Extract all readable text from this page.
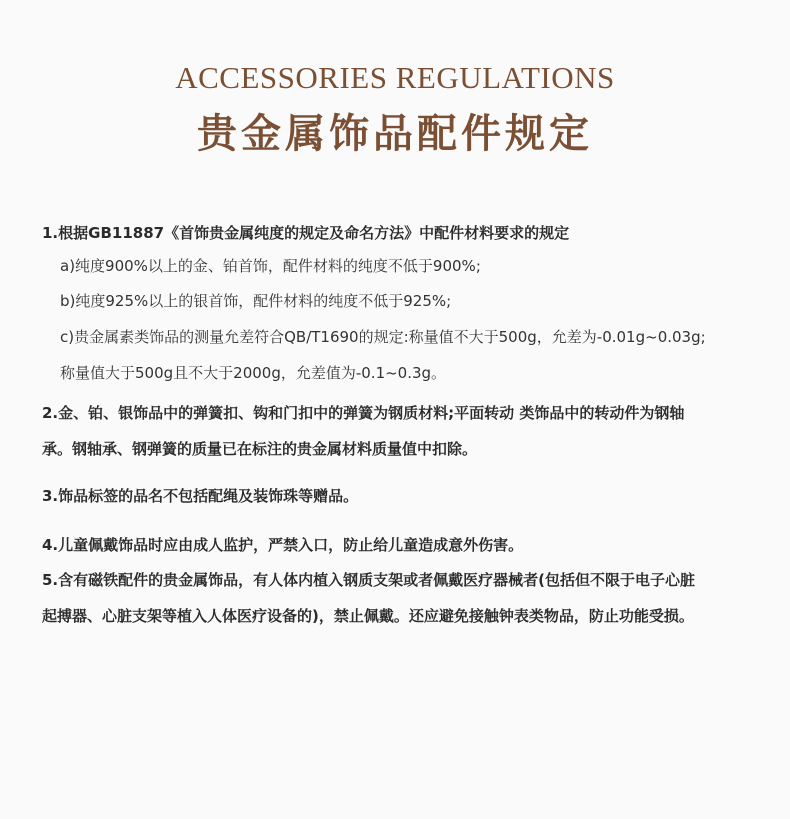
ACCESSORIES REGULATIONS
贵金属饰品配件规定
1.根据GB11887《首饰贵金属纯度的规定及命名方法》中配件材料要求的规定
a)纯度900%以上的金、铂首饰，配件材料的纯度不低于900%;
b)纯度925%以上的银首饰，配件材料的纯度不低于925%;
c)贵金属素类饰品的测量允差符合QB/T1690的规定:称量值不大于500g，允差为-0.01g~0.03g;
称量值大于500g且不大于2000g，允差值为-0.1~0.3g。
2.金、铂、银饰品中的弹簧扣、钩和门扣中的弹簧为钢质材料;平面转动 类饰品中的转动件为钢轴
承。钢轴承、钢弹簧的质量已在标注的贵金属材料质量值中扣除。
3.饰品标签的品名不包括配绳及装饰珠等赠品。
4.儿童佩戴饰品时应由成人监护，严禁入口，防止给儿童造成意外伤害。
5.含有磁铁配件的贵金属饰品，有人体内植入钢质支架或者佩戴医疗器械者(包括但不限于电子心脏
起搏器、心脏支架等植入人体医疗设备的)，禁止佩戴。还应避免接触钟表类物品，防止功能受损。
